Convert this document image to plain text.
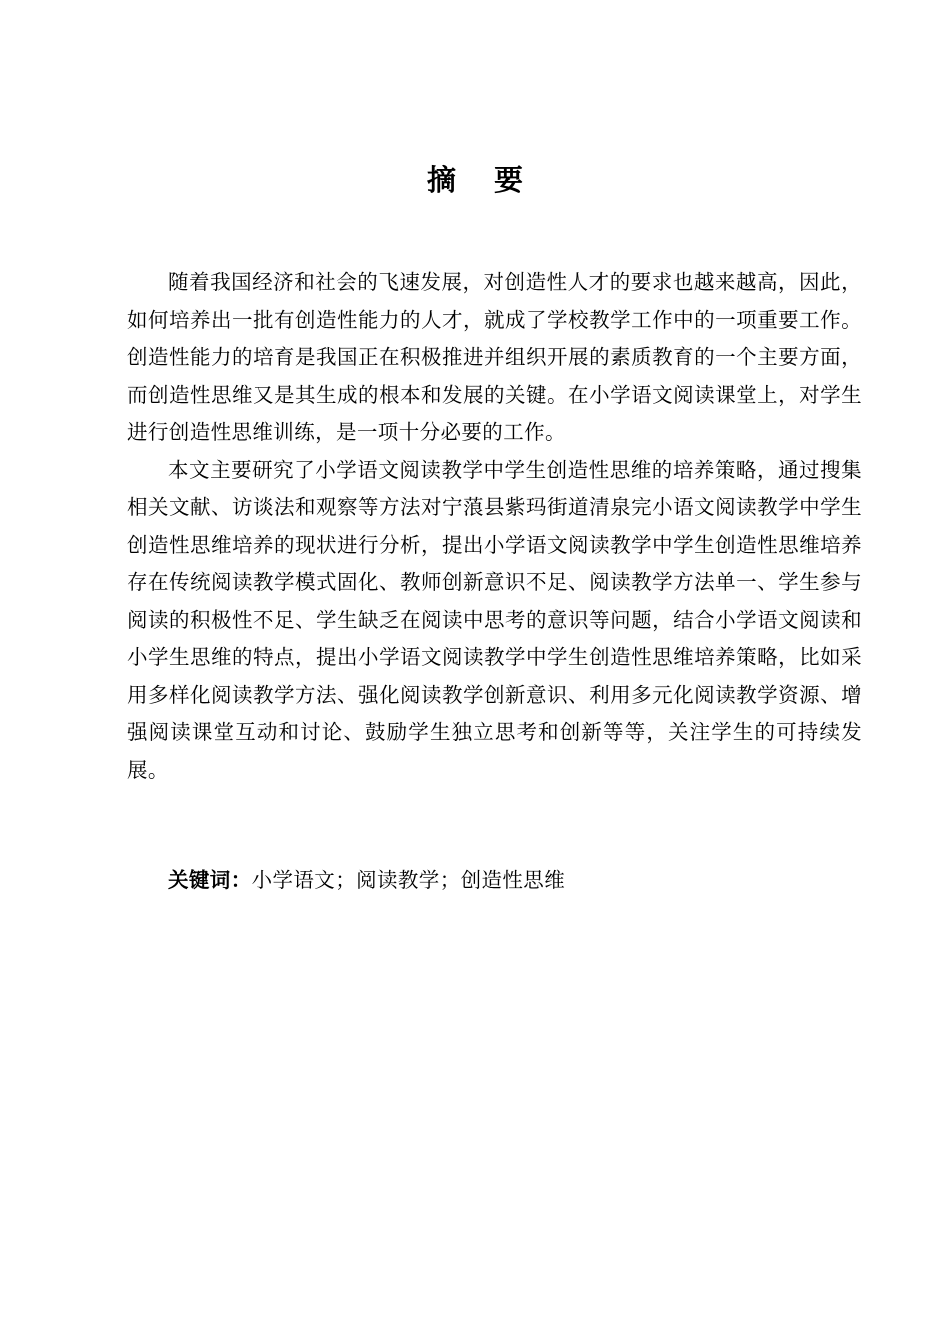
摘要

随着我国经济和社会的飞速发展，对创造性人才的要求也越来越高，因此，如何培养出一批有创造性能力的人才，就成了学校教学工作中的一项重要工作。创造性能力的培育是我国正在积极推进并组织开展的素质教育的一个主要方面，而创造性思维又是其生成的根本和发展的关键。在小学语文阅读课堂上，对学生进行创造性思维训练，是一项十分必要的工作。

本文主要研究了小学语文阅读教学中学生创造性思维的培养策略，通过搜集相关文献、访谈法和观察等方法对宁蒗县紫玛街道清泉完小语文阅读教学中学生创造性思维培养的现状进行分析，提出小学语文阅读教学中学生创造性思维培养存在传统阅读教学模式固化、教师创新意识不足、阅读教学方法单一、学生参与阅读的积极性不足、学生缺乏在阅读中思考的意识等问题，结合小学语文阅读和小学生思维的特点，提出小学语文阅读教学中学生创造性思维培养策略，比如采用多样化阅读教学方法、强化阅读教学创新意识、利用多元化阅读教学资源、增强阅读课堂互动和讨论、鼓励学生独立思考和创新等等，关注学生的可持续发展。

关键词：小学语文；阅读教学；创造性思维
